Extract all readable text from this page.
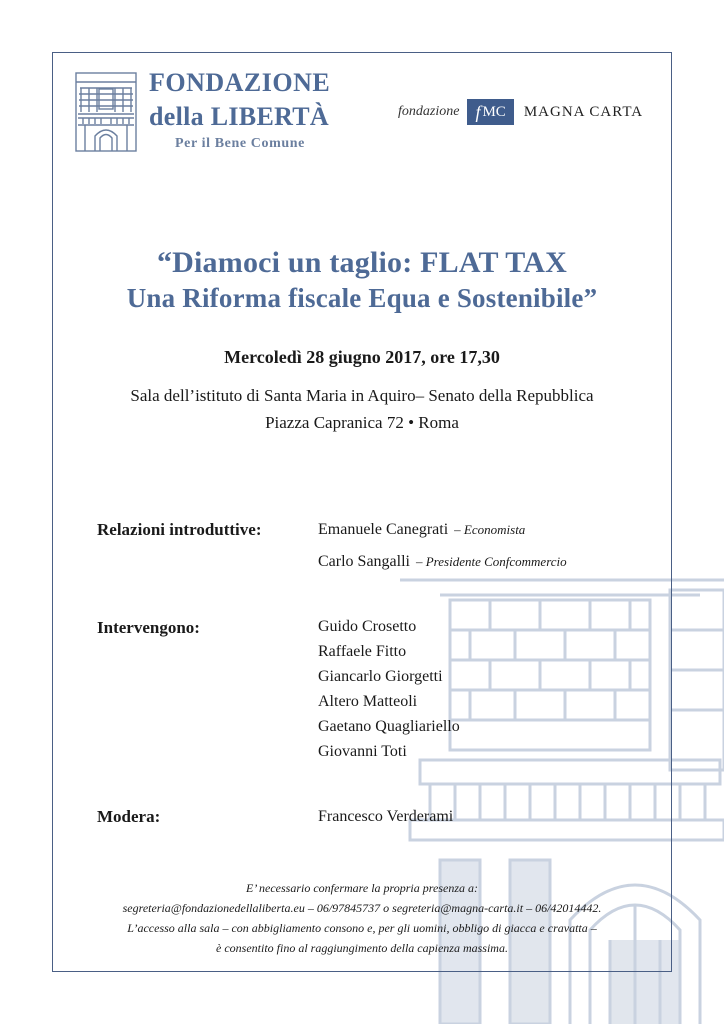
FONDAZIONE
della LIBERTÀ
Per il Bene Comune
fondazione f MC MAGNA CARTA
“Diamoci un taglio: FLAT TAX
Una Riforma fiscale Equa e Sostenibile”
Mercoledì 28 giugno 2017, ore 17,30
Sala dell’istituto di Santa Maria in Aquiro– Senato della Repubblica
Piazza Capranica 72 • Roma
Relazioni introduttive:	Emanuele Canegrati – Economista
Carlo Sangalli – Presidente Confcommercio
Intervengono:	Guido Crosetto
Raffaele Fitto
Giancarlo Giorgetti
Altero Matteoli
Gaetano Quagliariello
Giovanni Toti
Modera:	Francesco Verderami
E’ necessario confermare la propria presenza a:
segreteria@fondazionedellaliberta.eu – 06/97845737 o segreteria@magna-carta.it – 06/42014442.
L’accesso alla sala – con abbigliamento consono e, per gli uomini, obbligo di giacca e cravatta –
è consentito fino al raggiungimento della capienza massima.
